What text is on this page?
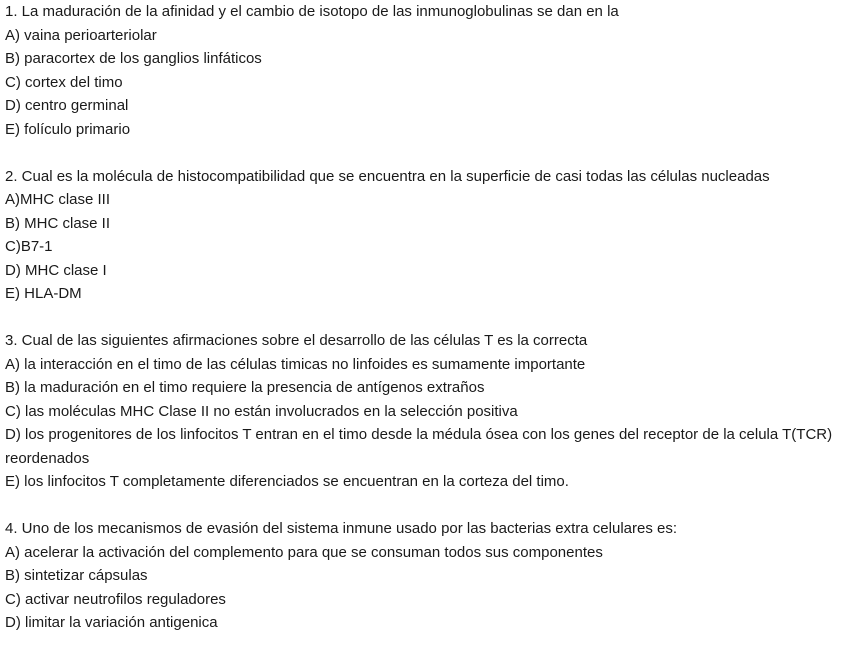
1. La maduración de la afinidad y el cambio de isotopo de las inmunoglobulinas se dan en la
A) vaina perioarteriolar
B) paracortex de los ganglios linfáticos
C) cortex del timo
D) centro germinal
E) folículo primario
2. Cual es la molécula de histocompatibilidad que se encuentra en la superficie de casi todas las células nucleadas
A)MHC clase III
B) MHC clase II
C)B7-1
D) MHC clase I
E) HLA-DM
3. Cual de las siguientes afirmaciones sobre el desarrollo de las células T es la correcta
A) la interacción en el timo de las células timicas no linfoides es sumamente importante
B) la maduración en el timo requiere la presencia de antígenos extraños
C) las moléculas MHC Clase II no están involucrados en la selección positiva
D) los progenitores de los linfocitos T entran en el timo desde la médula ósea con los genes del receptor de la celula T(TCR) reordenados
E) los linfocitos T completamente diferenciados se encuentran en la corteza del timo.
4. Uno de los mecanismos de evasión del sistema inmune usado por las bacterias extra celulares es:
A) acelerar la activación del complemento para que se consuman todos sus componentes
B) sintetizar cápsulas
C) activar neutrofilos reguladores
D) limitar la variación antigenica
